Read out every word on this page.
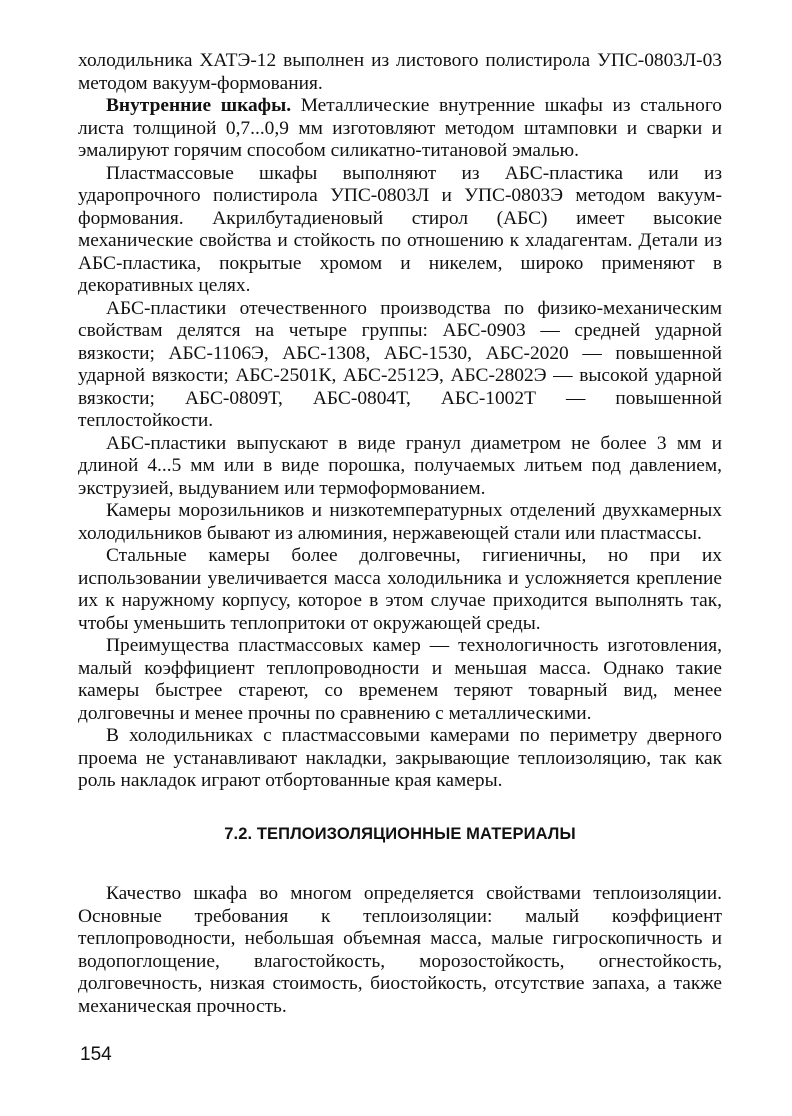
холодильника ХАТЭ-12 выполнен из листового полистирола УПС-0803Л-03 методом вакуум-формования.

Внутренние шкафы. Металлические внутренние шкафы из стального листа толщиной 0,7...0,9 мм изготовляют методом штамповки и сварки и эмалируют горячим способом силикатно-титановой эмалью.

Пластмассовые шкафы выполняют из АБС-пластика или из ударопрочного полистирола УПС-0803Л и УПС-0803Э методом вакуум-формования. Акрилбутадиеновый стирол (АБС) имеет высокие механические свойства и стойкость по отношению к хладагентам. Детали из АБС-пластика, покрытые хромом и никелем, широко применяют в декоративных целях.

АБС-пластики отечественного производства по физико-механическим свойствам делятся на четыре группы: АБС-0903 — средней ударной вязкости; АБС-1106Э, АБС-1308, АБС-1530, АБС-2020 — повышенной ударной вязкости; АБС-2501К, АБС-2512Э, АБС-2802Э — высокой ударной вязкости; АБС-0809Т, АБС-0804Т, АБС-1002Т — повышенной теплостойкости.

АБС-пластики выпускают в виде гранул диаметром не более 3 мм и длиной 4...5 мм или в виде порошка, получаемых литьем под давлением, экструзией, выдуванием или термоформованием.

Камеры морозильников и низкотемпературных отделений двухкамерных холодильников бывают из алюминия, нержавеющей стали или пластмассы.

Стальные камеры более долговечны, гигиеничны, но при их использовании увеличивается масса холодильника и усложняется крепление их к наружному корпусу, которое в этом случае приходится выполнять так, чтобы уменьшить теплопритоки от окружающей среды.

Преимущества пластмассовых камер — технологичность изготовления, малый коэффициент теплопроводности и меньшая масса. Однако такие камеры быстрее стареют, со временем теряют товарный вид, менее долговечны и менее прочны по сравнению с металлическими.

В холодильниках с пластмассовыми камерами по периметру дверного проема не устанавливают накладки, закрывающие теплоизоляцию, так как роль накладок играют отбортованные края камеры.

7.2. ТЕПЛОИЗОЛЯЦИОННЫЕ МАТЕРИАЛЫ

Качество шкафа во многом определяется свойствами теплоизоляции. Основные требования к теплоизоляции: малый коэффициент теплопроводности, небольшая объемная масса, малые гигроскопичность и водопоглощение, влагостойкость, морозостойкость, огнестойкость, долговечность, низкая стоимость, биостойкость, отсутствие запаха, а также механическая прочность.

154
